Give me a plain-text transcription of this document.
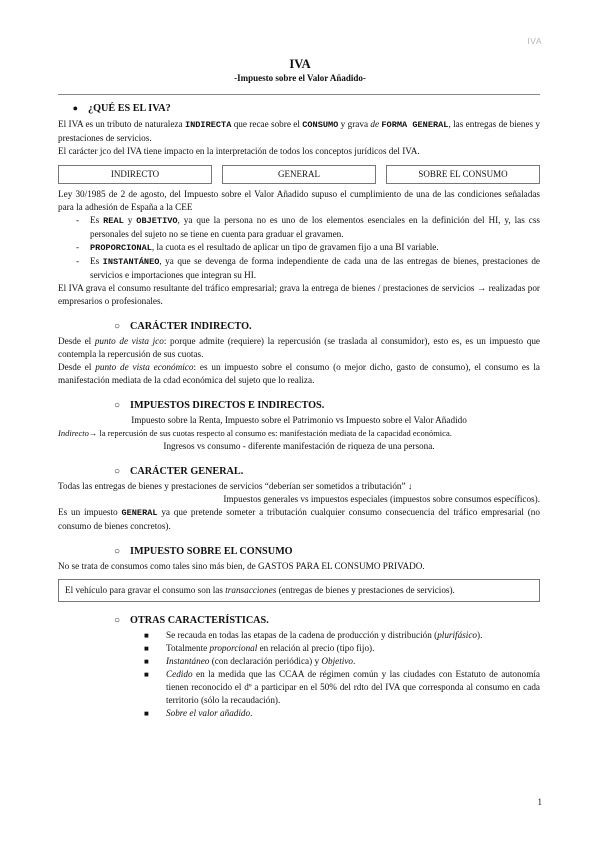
IVA
IVA
-Impuesto sobre el Valor Añadido-
● ¿QUÉ ES EL IVA?

El IVA es un tributo de naturaleza INDIRECTA que recae sobre el CONSUMO y grava de FORMA GENERAL, las entregas de bienes y prestaciones de servicios.

El carácter jco del IVA tiene impacto en la interpretación de todos los conceptos jurídicos del IVA.

INDIRECTO	GENERAL	SOBRE EL CONSUMO

Ley 30/1985 de 2 de agosto, del Impuesto sobre el Valor Añadido supuso el cumplimiento de una de las condiciones señaladas para la adhesión de España a la CEE

-	Es REAL y OBJETIVO, ya que la persona no es uno de los elementos esenciales en la definición del HI, y, las css personales del sujeto no se tiene en cuenta para graduar el gravamen.
-	PROPORCIONAL, la cuota es el resultado de aplicar un tipo de gravamen fijo a una BI variable.
-	Es INSTANTÁNEO, ya que se devenga de forma independiente de cada una de las entregas de bienes, prestaciones de servicios e importaciones que integran su HI.

El IVA grava el consumo resultante del tráfico empresarial; grava la entrega de bienes / prestaciones de servicios → realizadas por empresarios o profesionales.

○ CARÁCTER INDIRECTO.

Desde el punto de vista jco: porque admite (requiere) la repercusión (se traslada al consumidor), esto es, es un impuesto que contempla la repercusión de sus cuotas.

Desde el punto de vista económico: es un impuesto sobre el consumo (o mejor dicho, gasto de consumo), el consumo es la manifestación mediata de la cdad económica del sujeto que lo realiza.

○ IMPUESTOS DIRECTOS E INDIRECTOS.

Impuesto sobre la Renta, Impuesto sobre el Patrimonio vs Impuesto sobre el Valor Añadido

Indirecto→ la repercusión de sus cuotas respecto al consumo es: manifestación mediata de la capacidad económica.

Ingresos vs consumo - diferente manifestación de riqueza de una persona.

○ CARÁCTER GENERAL.

Todas las entregas de bienes y prestaciones de servicios “deberían ser sometidos a tributación” ↓

Impuestos generales vs impuestos especiales (impuestos sobre consumos específicos).

Es un impuesto GENERAL ya que pretende someter a tributación cualquier consumo consecuencia del tráfico empresarial (no consumo de bienes concretos).

○ IMPUESTO SOBRE EL CONSUMO

No se trata de consumos como tales sino más bien, de GASTOS PARA EL CONSUMO PRIVADO.

El vehículo para gravar el consumo son las transacciones (entregas de bienes y prestaciones de servicios).
○ OTRAS CARACTERÍSTICAS.
■	Se recauda en todas las etapas de la cadena de producción y distribución (plurifásico).
■	Totalmente proporcional en relación al precio (tipo fijo).
■	Instantáneo (con declaración periódica) y Objetivo.
■	Cedido en la medida que las CCAA de régimen común y las ciudades con Estatuto de autonomía tienen reconocido el dº a participar en el 50% del rdto del IVA que corresponda al consumo en cada territorio (sólo la recaudación).
■	Sobre el valor añadido.
1
